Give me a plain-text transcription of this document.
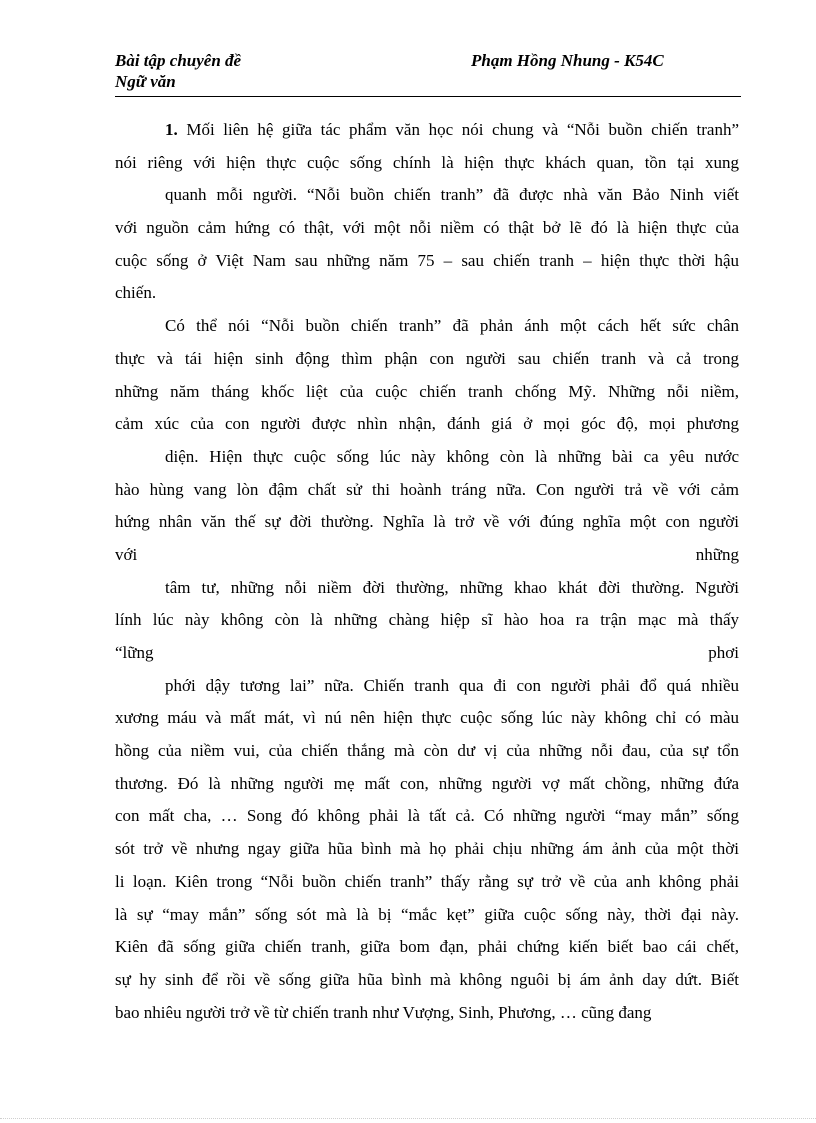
Bài tập chuyên đề
Ngữ văn
Phạm Hồng Nhung - K54C
1. Mối liên hệ giữa tác phẩm văn học nói chung và “Nỗi buồn chiến tranh”
nói riêng với hiện thực cuộc sống chính là hiện thực khách quan, tồn tại xung
quanh mỗi người. “Nỗi buồn chiến tranh” đã được nhà văn Bảo Ninh viết
với nguồn cảm hứng có thật, với một nỗi niềm có thật bở lẽ đó là hiện thực của
cuộc sống ở Việt Nam sau những năm 75 – sau chiến tranh – hiện thực thời hậu
chiến.
Có thể nói “Nỗi buồn chiến tranh” đã phản ánh một cách hết sức chân
thực và tái hiện sinh động thìm phận con người sau chiến tranh và cả trong
những năm tháng khốc liệt của cuộc chiến tranh chống Mỹ. Những nỗi niềm,
cảm xúc của con người được nhìn nhận, đánh giá ở mọi góc độ, mọi phương
diện. Hiện thực cuộc sống lúc này không còn là những bài ca yêu nước
hào hùng vang lòn đậm chất sử thi hoành tráng nữa. Con người trả về với cảm
hứng nhân văn thế sự đời thường. Nghĩa là trở về với đúng nghĩa một con người
với	những
tâm tư, những nỗi niềm đời thường, những khao khát đời thường. Người
lính lúc này không còn là những chàng hiệp sĩ hào hoa ra trận mạc mà thấy
“lững	phơi
phới dậy tương lai” nữa. Chiến tranh qua đi con người phải đổ quá nhiều
xương máu và mất mát, vì nú nên hiện thực cuộc sống lúc này không chỉ có màu
hồng của niềm vui, của chiến thắng mà còn dư vị của những nỗi đau, của sự tổn
thương. Đó là những người mẹ mất con, những người vợ mất chồng, những đứa
con mất cha, … Song đó không phải là tất cả. Có những người “may mắn” sống
sót trở về nhưng ngay giữa hũa bình mà họ phải chịu những ám ảnh của một thời
li loạn. Kiên trong “Nỗi buồn chiến tranh” thấy rằng sự trở về của anh không phải
là sự “may mắn” sống sót mà là bị “mắc kẹt” giữa cuộc sống này, thời đại này.
Kiên đã sống giữa chiến tranh, giữa bom đạn, phải chứng kiến biết bao cái chết,
sự hy sinh để rồi về sống giữa hũa bình mà không nguôi bị ám ảnh day dứt. Biết
bao nhiêu người trở về từ chiến tranh như Vượng, Sinh, Phương, … cũng đang
